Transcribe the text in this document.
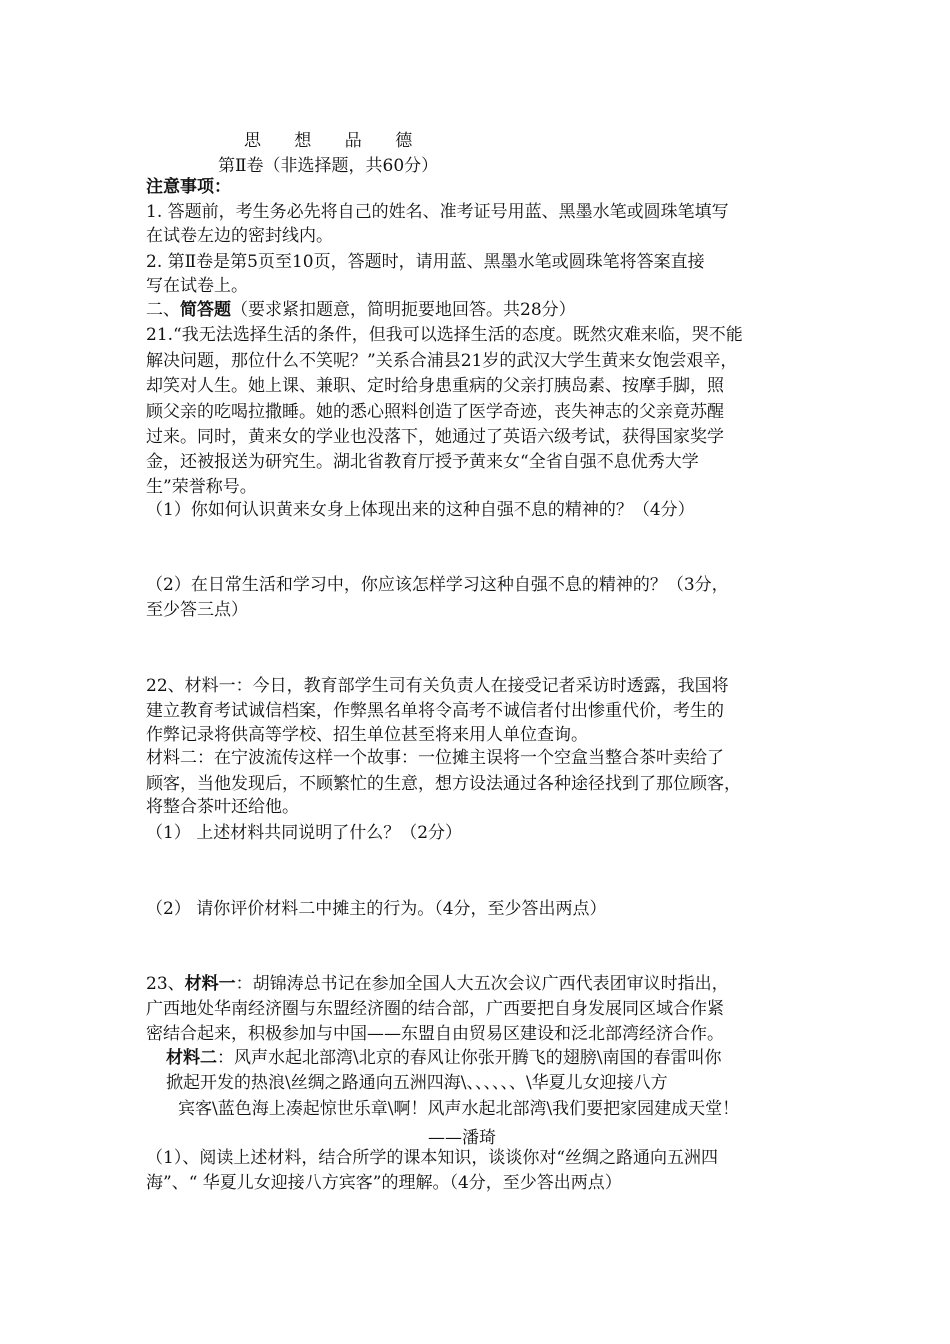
思 想 品 德
第Ⅱ卷（非选择题，共60分）
注意事项：
1. 答题前，考生务必先将自己的姓名、准考证号用蓝、黑墨水笔或圆珠笔填写
在试卷左边的密封线内。
2. 第Ⅱ卷是第5页至10页，答题时，请用蓝、黑墨水笔或圆珠笔将答案直接
写在试卷上。
二、简答题（要求紧扣题意，简明扼要地回答。共28分）
21.“我无法选择生活的条件，但我可以选择生活的态度。既然灾难来临，哭不能
解决问题，那位什么不笑呢？”关系合浦县21岁的武汉大学生黄来女饱尝艰辛，
却笑对人生。她上课、兼职、定时给身患重病的父亲打胰岛素、按摩手脚，照
顾父亲的吃喝拉撒睡。她的悉心照料创造了医学奇迹，丧失神志的父亲竟苏醒
过来。同时，黄来女的学业也没落下，她通过了英语六级考试，获得国家奖学
金，还被报送为研究生。湖北省教育厅授予黄来女“全省自强不息优秀大学
生”荣誉称号。
（1）你如何认识黄来女身上体现出来的这种自强不息的精神的？（4分）
（2）在日常生活和学习中，你应该怎样学习这种自强不息的精神的？（3分，
至少答三点）
22、材料一：今日，教育部学生司有关负责人在接受记者采访时透露，我国将
建立教育考试诚信档案，作弊黑名单将令高考不诚信者付出惨重代价，考生的
作弊记录将供高等学校、招生单位甚至将来用人单位查询。
材料二：在宁波流传这样一个故事：一位摊主误将一个空盒当整合茶叶卖给了
顾客，当他发现后，不顾繁忙的生意，想方设法通过各种途径找到了那位顾客，
将整合茶叶还给他。
（1） 上述材料共同说明了什么？（2分）
（2） 请你评价材料二中摊主的行为。（4分，至少答出两点）
23、材料一：胡锦涛总书记在参加全国人大五次会议广西代表团审议时指出，
广西地处华南经济圈与东盟经济圈的结合部，广西要把自身发展同区域合作紧
密结合起来，积极参加与中国——东盟自由贸易区建设和泛北部湾经济合作。
材料二：风声水起北部湾\北京的春风让你张开腾飞的翅膀\南国的春雷叫你
掀起开发的热浪\丝绸之路通向五洲四海\、、、、、、\华夏儿女迎接八方
宾客\蓝色海上凑起惊世乐章\啊！风声水起北部湾\我们要把家园建成天堂！
——潘琦
（1）、阅读上述材料，结合所学的课本知识，谈谈你对“丝绸之路通向五洲四
海”、“ 华夏儿女迎接八方宾客”的理解。（4分，至少答出两点）
